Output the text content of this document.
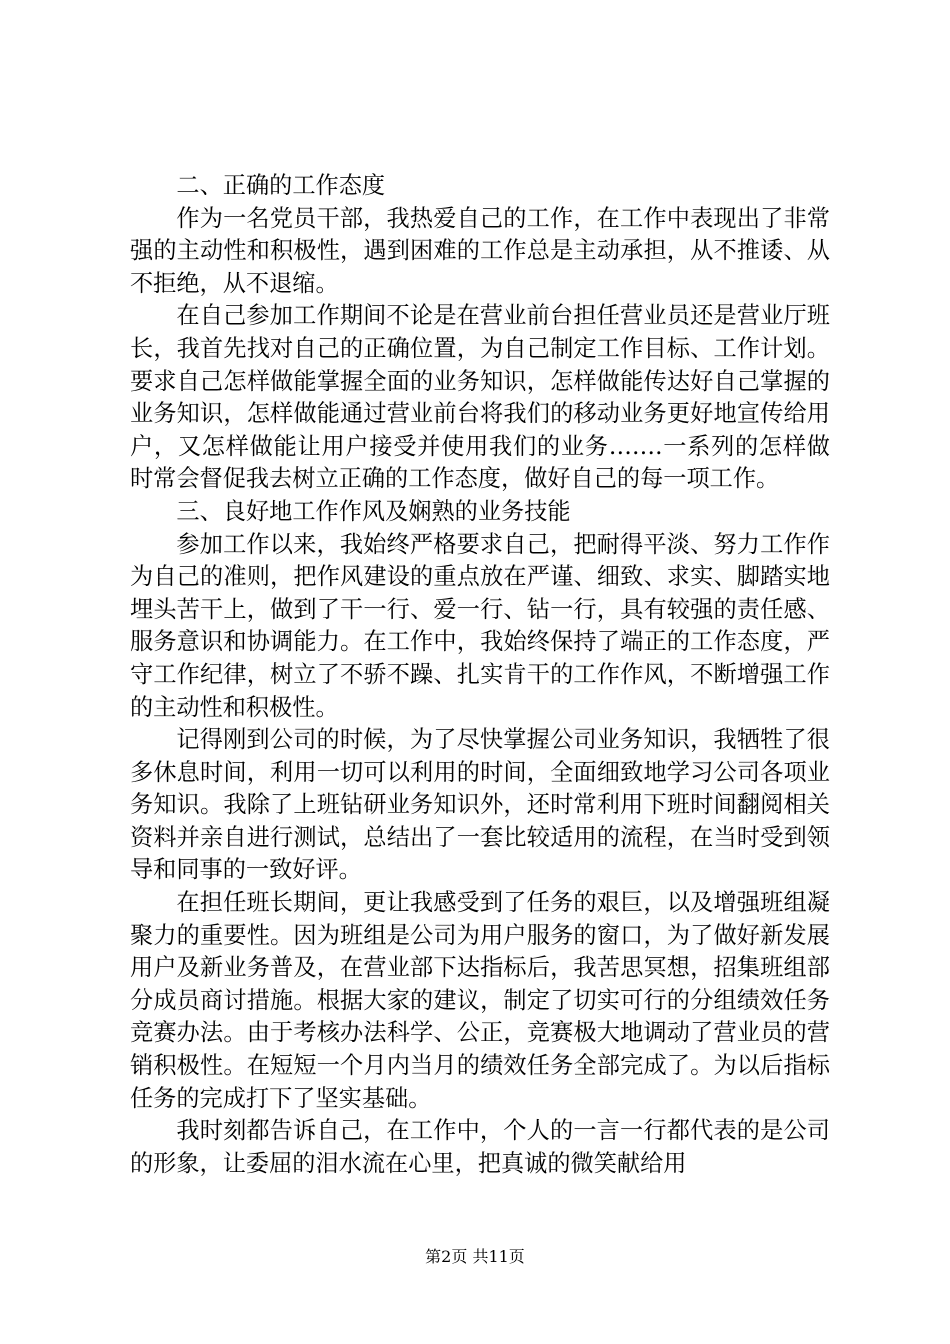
二、正确的工作态度

作为一名党员干部，我热爱自己的工作，在工作中表现出了非常强的主动性和积极性，遇到困难的工作总是主动承担，从不推诿、从不拒绝，从不退缩。

在自己参加工作期间不论是在营业前台担任营业员还是营业厅班长，我首先找对自己的正确位置，为自己制定工作目标、工作计划。要求自己怎样做能掌握全面的业务知识，怎样做能传达好自己掌握的业务知识，怎样做能通过营业前台将我们的移动业务更好地宣传给用户，又怎样做能让用户接受并使用我们的业务…….一系列的怎样做时常会督促我去树立正确的工作态度，做好自己的每一项工作。

三、良好地工作作风及娴熟的业务技能

参加工作以来，我始终严格要求自己，把耐得平淡、努力工作作为自己的准则，把作风建设的重点放在严谨、细致、求实、脚踏实地埋头苦干上，做到了干一行、爱一行、钻一行，具有较强的责任感、服务意识和协调能力。在工作中，我始终保持了端正的工作态度，严守工作纪律，树立了不骄不躁、扎实肯干的工作作风，不断增强工作的主动性和积极性。

记得刚到公司的时候，为了尽快掌握公司业务知识，我牺牲了很多休息时间，利用一切可以利用的时间，全面细致地学习公司各项业务知识。我除了上班钻研业务知识外，还时常利用下班时间翻阅相关资料并亲自进行测试，总结出了一套比较适用的流程，在当时受到领导和同事的一致好评。

在担任班长期间，更让我感受到了任务的艰巨，以及增强班组凝聚力的重要性。因为班组是公司为用户服务的窗口，为了做好新发展用户及新业务普及，在营业部下达指标后，我苦思冥想，招集班组部分成员商讨措施。根据大家的建议，制定了切实可行的分组绩效任务竞赛办法。由于考核办法科学、公正，竞赛极大地调动了营业员的营销积极性。在短短一个月内当月的绩效任务全部完成了。为以后指标任务的完成打下了坚实基础。

我时刻都告诉自己，在工作中，个人的一言一行都代表的是公司的形象，让委屈的泪水流在心里，把真诚的微笑献给用

第2页 共11页
